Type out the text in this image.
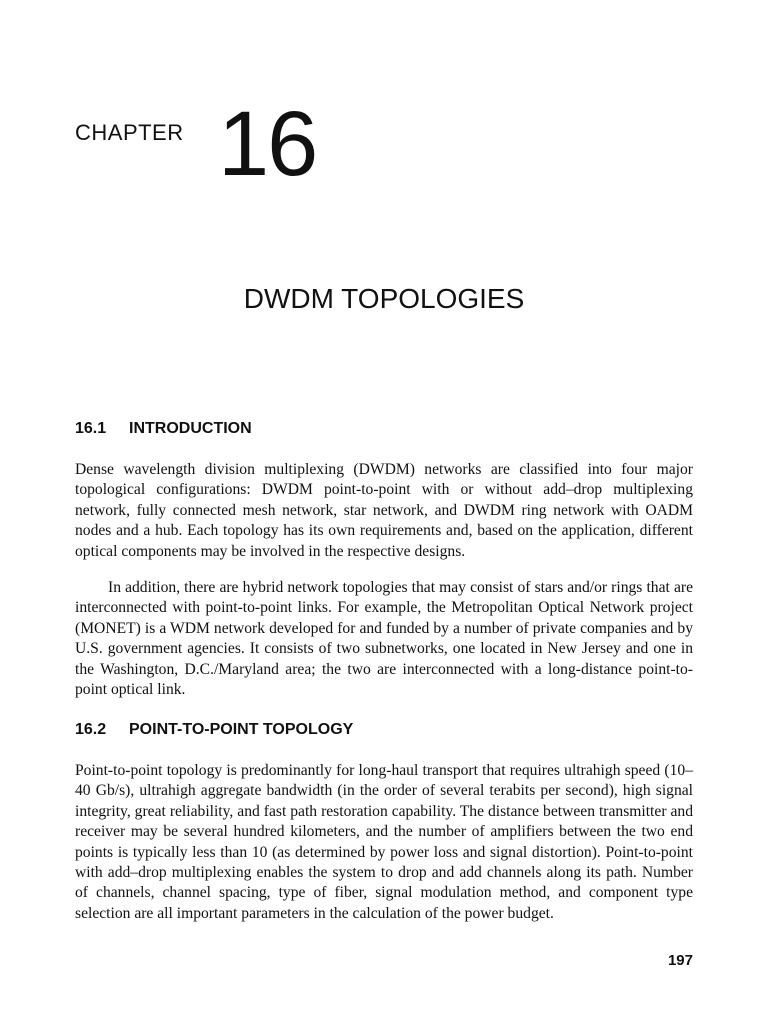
CHAPTER 16
DWDM TOPOLOGIES
16.1 INTRODUCTION

Dense wavelength division multiplexing (DWDM) networks are classified into four major topological configurations: DWDM point-to-point with or without add–drop multiplexing network, fully connected mesh network, star network, and DWDM ring network with OADM nodes and a hub. Each topology has its own requirements and, based on the application, different optical components may be involved in the respective designs.

In addition, there are hybrid network topologies that may consist of stars and/or rings that are interconnected with point-to-point links. For example, the Metropolitan Optical Network project (MONET) is a WDM network developed for and funded by a number of private companies and by U.S. government agencies. It consists of two subnetworks, one located in New Jersey and one in the Washington, D.C./Maryland area; the two are interconnected with a long-distance point-to-point optical link.

16.2 POINT-TO-POINT TOPOLOGY

Point-to-point topology is predominantly for long-haul transport that requires ultrahigh speed (10–40 Gb/s), ultrahigh aggregate bandwidth (in the order of several terabits per second), high signal integrity, great reliability, and fast path restoration capability. The distance between transmitter and receiver may be several hundred kilometers, and the number of amplifiers between the two end points is typically less than 10 (as determined by power loss and signal distortion). Point-to-point with add–drop multiplexing enables the system to drop and add channels along its path. Number of channels, channel spacing, type of fiber, signal modulation method, and component type selection are all important parameters in the calculation of the power budget.

197
